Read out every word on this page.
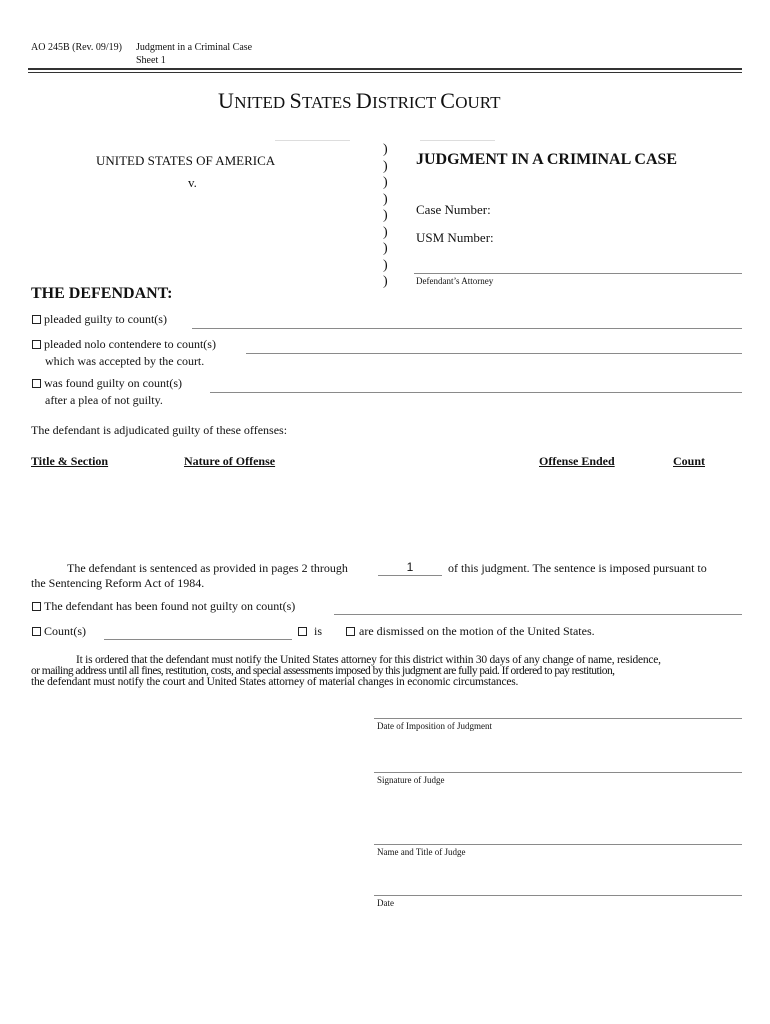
AO 245B (Rev. 09/19) Judgment in a Criminal Case
Sheet 1
UNITED STATES DISTRICT COURT
UNITED STATES OF AMERICA
v.
)
)
)
)
)
)
)
)
)
JUDGMENT IN A CRIMINAL CASE
Case Number:
USM Number:
Defendant’s Attorney
THE DEFENDANT:
pleaded guilty to count(s)
pleaded nolo contendere to count(s)
which was accepted by the court.
was found guilty on count(s)
after a plea of not guilty.
The defendant is adjudicated guilty of these offenses:
Title & Section	Nature of Offense	Offense Ended	Count
The defendant is sentenced as provided in pages 2 through	1	of this judgment. The sentence is imposed pursuant to
the Sentencing Reform Act of 1984.
The defendant has been found not guilty on count(s)
Count(s)	is	are dismissed on the motion of the United States.
It is ordered that the defendant must notify the United States attorney for this district within 30 days of any change of name, residence,
or mailing address until all fines, restitution, costs, and special assessments imposed by this judgment are fully paid. If ordered to pay restitution,
the defendant must notify the court and United States attorney of material changes in economic circumstances.
Date of Imposition of Judgment
Signature of Judge
Name and Title of Judge
Date
